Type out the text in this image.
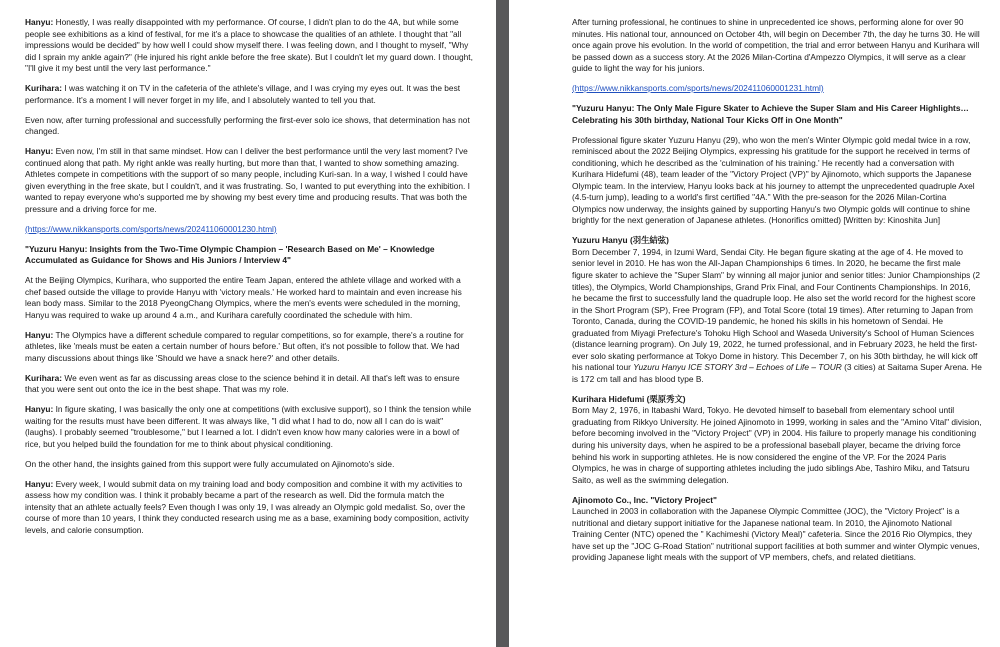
Hanyu: Honestly, I was really disappointed with my performance. Of course, I didn't plan to do the 4A, but while some people see exhibitions as a kind of festival, for me it's a place to showcase the qualities of an athlete. I thought that "all impressions would be decided" by how well I could show myself there. I was feeling down, and I thought to myself, "Why did I sprain my ankle again?" (He injured his right ankle before the free skate). But I couldn't let my guard down. I thought, "I'll give it my best until the very last performance."

Kurihara: I was watching it on TV in the cafeteria of the athlete's village, and I was crying my eyes out. It was the best performance. It's a moment I will never forget in my life, and I absolutely wanted to tell you that.

Even now, after turning professional and successfully performing the first-ever solo ice shows, that determination has not changed.

Hanyu: Even now, I'm still in that same mindset. How can I deliver the best performance until the very last moment? I've continued along that path. My right ankle was really hurting, but more than that, I wanted to show something amazing. Athletes compete in competitions with the support of so many people, including Kuri-san. In a way, I wished I could have given everything in the free skate, but I couldn't, and it was frustrating. So, I wanted to put everything into the exhibition. I wanted to repay everyone who's supported me by showing my best every time and producing results. That was both the pressure and a driving force for me.

(https://www.nikkansports.com/sports/news/202411060001230.html)

"Yuzuru Hanyu: Insights from the Two-Time Olympic Champion – 'Research Based on Me' – Knowledge Accumulated as Guidance for Shows and His Juniors / Interview 4"

At the Beijing Olympics, Kurihara, who supported the entire Team Japan, entered the athlete village and worked with a chef based outside the village to provide Hanyu with 'victory meals.' He worked hard to maintain and even increase his lean body mass. Similar to the 2018 PyeongChang Olympics, where the men's events were scheduled in the morning, Hanyu was required to wake up around 4 a.m., and Kurihara carefully coordinated the schedule with him.

Hanyu: The Olympics have a different schedule compared to regular competitions, so for example, there's a routine for athletes, like 'meals must be eaten a certain number of hours before.' But often, it's not possible to follow that. We had many discussions about things like 'Should we have a snack here?' and other details.

Kurihara: We even went as far as discussing areas close to the science behind it in detail. All that's left was to ensure that you were sent out onto the ice in the best shape. That was my role.

Hanyu: In figure skating, I was basically the only one at competitions (with exclusive support), so I think the tension while waiting for the results must have been different. It was always like, "I did what I had to do, now all I can do is wait" (laughs). I probably seemed "troublesome," but I learned a lot. I didn't even know how many calories were in a bowl of rice, but you helped build the foundation for me to think about physical conditioning.

On the other hand, the insights gained from this support were fully accumulated on Ajinomoto's side.

Hanyu: Every week, I would submit data on my training load and body composition and combine it with my activities to assess how my condition was. I think it probably became a part of the research as well. Did the formula match the intensity that an athlete actually feels? Even though I was only 19, I was already an Olympic gold medalist. So, over the course of more than 10 years, I think they conducted research using me as a base, examining body composition, activity levels, and calorie consumption.

After turning professional, he continues to shine in unprecedented ice shows, performing alone for over 90 minutes. His national tour, announced on October 4th, will begin on December 7th, the day he turns 30. He will once again prove his evolution. In the world of competition, the trial and error between Hanyu and Kurihara will be passed down as a success story. At the 2026 Milan-Cortina d'Ampezzo Olympics, it will serve as a clear guide to light the way for his juniors.

(https://www.nikkansports.com/sports/news/202411060001231.html)

"Yuzuru Hanyu: The Only Male Figure Skater to Achieve the Super Slam and His Career Highlights… Celebrating his 30th birthday, National Tour Kicks Off in One Month"

Professional figure skater Yuzuru Hanyu (29), who won the men's Winter Olympic gold medal twice in a row, reminisced about the 2022 Beijing Olympics, expressing his gratitude for the support he received in terms of conditioning, which he described as the 'culmination of his training.' He recently had a conversation with Kurihara Hidefumi (48), team leader of the "Victory Project (VP)" by Ajinomoto, which supports the Japanese Olympic team. In the interview, Hanyu looks back at his journey to attempt the unprecedented quadruple Axel (4.5-turn jump), leading to a world's first certified "4A." With the pre-season for the 2026 Milan-Cortina Olympics now underway, the insights gained by supporting Hanyu's two Olympic golds will continue to shine brightly for the next generation of Japanese athletes. (Honorifics omitted) [Written by: Kinoshita Jun]

Yuzuru Hanyu (羽生結弦)
Born December 7, 1994, in Izumi Ward, Sendai City. He began figure skating at the age of 4. He moved to senior level in 2010. He has won the All-Japan Championships 6 times. In 2020, he became the first male figure skater to achieve the "Super Slam" by winning all major junior and senior titles: Junior Championships (2 titles), the Olympics, World Championships, Grand Prix Final, and Four Continents Championships. In 2016, he became the first to successfully land the quadruple loop. He also set the world record for the highest score in the Short Program (SP), Free Program (FP), and Total Score (total 19 times). After returning to Japan from Toronto, Canada, during the COVID-19 pandemic, he honed his skills in his hometown of Sendai. He graduated from Miyagi Prefecture's Tohoku High School and Waseda University's School of Human Sciences (distance learning program). On July 19, 2022, he turned professional, and in February 2023, he held the first-ever solo skating performance at Tokyo Dome in history. This December 7, on his 30th birthday, he will kick off his national tour Yuzuru Hanyu ICE STORY 3rd – Echoes of Life – TOUR (3 cities) at Saitama Super Arena. He is 172 cm tall and has blood type B.
Kurihara Hidefumi (栗原秀文)
Born May 2, 1976, in Itabashi Ward, Tokyo. He devoted himself to baseball from elementary school until graduating from Rikkyo University. He joined Ajinomoto in 1999, working in sales and the "Amino Vital" division, before becoming involved in the "Victory Project" (VP) in 2004. His failure to properly manage his conditioning during his university days, when he aspired to be a professional baseball player, became the driving force behind his work in supporting athletes. He is now considered the engine of the VP. For the 2024 Paris Olympics, he was in charge of supporting athletes including the judo siblings Abe, Tashiro Miku, and Tatsuru Saito, as well as the swimming delegation.
Ajinomoto Co., Inc. "Victory Project"
Launched in 2003 in collaboration with the Japanese Olympic Committee (JOC), the "Victory Project" is a nutritional and dietary support initiative for the Japanese national team. In 2010, the Ajinomoto National Training Center (NTC) opened the " Kachimeshi (Victory Meal)" cafeteria. Since the 2016 Rio Olympics, they have set up the "JOC G-Road Station" nutritional support facilities at both summer and winter Olympic venues, providing Japanese light meals with the support of VP members, chefs, and related dietitians.
